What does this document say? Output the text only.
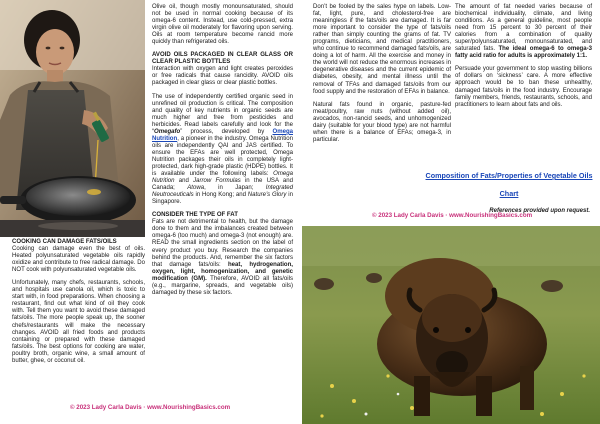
COOKING CAN DAMAGE FATS/OILS

Cooking can damage even the best of oils. Heated polyunsaturated vegetable oils rapidly oxidize and contribute to free radical damage. Do NOT cook with polyunsaturated vegetable oils.

Unfortunately, many chefs, restaurants, schools, and hospitals use canola oil, which is toxic to start with, in food preparations. When choosing a restaurant, find out what kind of oil they cook with. Tell them you want to avoid these damaged fats/oils. The more people speak up, the sooner chefs/restaurants will make the necessary changes. AVOID all fried foods and products containing or prepared with these damaged fats/oils. The best options for cooking are water, poultry broth, organic wine, a small amount of butter, ghee, or coconut oil.

Olive oil, though mostly monounsaturated, should not be used in normal cooking because of its omega-6 content. Instead, use cold-pressed, extra virgin olive oil moderately for flavoring upon serving. Oils at room temperature become rancid more quickly than refrigerated oils.

AVOID OILS PACKAGED IN CLEAR GLASS OR CLEAR PLASTIC BOTTLES

Interaction with oxygen and light creates peroxides or free radicals that cause rancidity. AVOID oils packaged in clear glass or clear plastic bottles.

The use of independently certified organic seed in unrefined oil production is critical. The composition and quality of key nutrients in organic seeds are much higher and free from pesticides and herbicides. Read labels carefully and look for the “Omegafo” process, developed by Omega Nutrition, a pioneer in the industry. Omega Nutrition oils are independently QAI and JAS certified. To ensure the EFAs are well protected, Omega Nutrition packages their oils in completely light-protected, dark high-grade plastic (HDPE) bottles. It is available under the following labels: Omega Nutrition and Jarrow Formulas in the USA and Canada; Atowa, in Japan; Integrated Neutroceuticals in Hong Kong; and Nature’s Glory in Singapore.

CONSIDER THE TYPE OF FAT

Fats are not detrimental to health, but the damage done to them and the imbalances created between omega-6 (too much) and omega-3 (not enough) are. READ the small ingredients section on the label of every product you buy. Research the companies behind the products. And, remember the six factors that damage fats/oils: heat, hydrogenation, oxygen, light, homogenization, and genetic modification (GM). Therefore, AVOID all fats/oils (e.g., margarine, spreads, and vegetable oils) damaged by these six factors.

Don’t be fooled by the sales hype on labels. Low-fat, light, pure, and cholesterol-free are meaningless if the fats/oils are damaged. It is far more important to consider the type of fats/oils rather than simply counting the grams of fat. TV programs, dieticians, and medical practitioners, who continue to recommend damaged fats/oils, are doing a lot of harm. All the exercise and money in the world will not reduce the enormous increases in degenerative diseases and the current epidemic of diabetes, obesity, and mental illness until the removal of TFAs and damaged fats/oils from our food supply and the restoration of EFAs in balance.

Natural fats found in organic, pasture-fed meat/poultry, raw nuts (without added oil), avocados, non-rancid seeds, and unhomogenized dairy (suitable for your blood type) are not harmful when there is a balance of EFAs; omega-3, in particular.

The amount of fat needed varies because of biochemical individuality, climate, and living conditions. As a general guideline, most people need from 15 percent to 30 percent of their calories from a combination of quality super/polyunsaturated, monounsaturated, and saturated fats. The ideal omega-6 to omega-3 fatty acid ratio for adults is approximately 1:1.

Persuade your government to stop wasting billions of dollars on ‘sickness’ care. A more effective approach would be to ban these unhealthy, damaged fats/oils in the food industry. Encourage family members, friends, restaurants, schools, and practitioners to learn about fats and oils.

Composition of Fats/Properties of Vegetable Oils Chart
References provided upon request.
© 2023 Lady Carla Davis · www.NourishingBasics.com
© 2023 Lady Carla Davis · www.NourishingBasics.com
